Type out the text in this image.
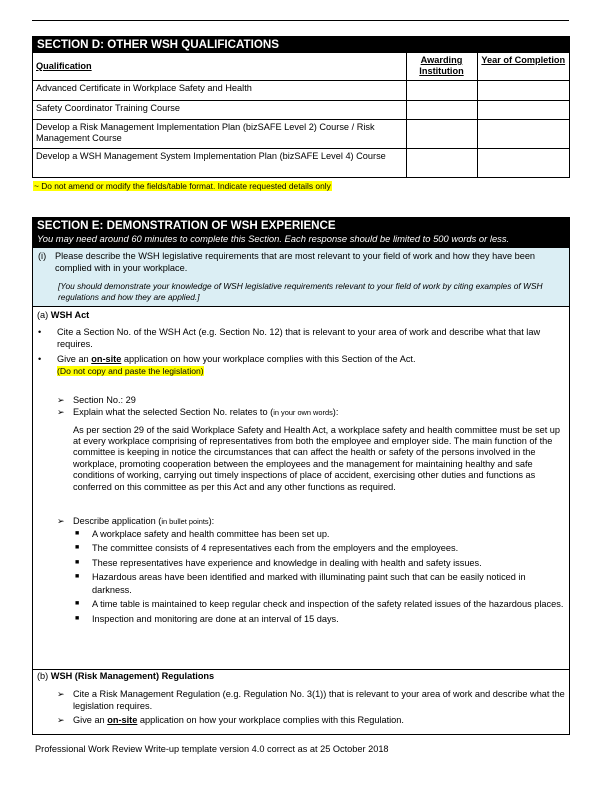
SECTION D: OTHER WSH QUALIFICATIONS
Qualification	Awarding Institution	Year of Completion
Advanced Certificate in Workplace Safety and Health		
Safety Coordinator Training Course		
Develop a Risk Management Implementation Plan (bizSAFE Level 2) Course / Risk Management Course		
Develop a WSH Management System Implementation Plan (bizSAFE Level 4) Course		
~ Do not amend or modify the fields/table format. Indicate requested details only
SECTION E: DEMONSTRATION OF WSH EXPERIENCE
You may need around 60 minutes to complete this Section. Each response should be limited to 500 words or less.
(i) Please describe the WSH legislative requirements that are most relevant to your field of work and how they have been complied with in your workplace.
[You should demonstrate your knowledge of WSH legislative requirements relevant to your field of work by citing examples of WSH regulations and how they are applied.]
(a) WSH Act
•	Cite a Section No. of the WSH Act (e.g. Section No. 12) that is relevant to your area of work and describe what that law requires.
•	Give an on-site application on how your workplace complies with this Section of the Act.
(Do not copy and paste the legislation)
➢ Section No.: 29
➢ Explain what the selected Section No. relates to (in your own words):
As per section 29 of the said Workplace Safety and Health Act, a workplace safety and health committee must be set up at every workplace comprising of representatives from both the employee and employer side. The main function of the committee is keeping in notice the circumstances that can affect the health or safety of the persons involved in the workplace, promoting cooperation between the employees and the management for maintaining healthy and safe conditions of working, carrying out timely inspections of place of accident, exercising other duties and functions as conferred on this committee as per this Act and any other functions as required.
➢ Describe application (in bullet points):
■	A workplace safety and health committee has been set up.
■	The committee consists of 4 representatives each from the employers and the employees.
■	These representatives have experience and knowledge in dealing with health and safety issues.
■	Hazardous areas have been identified and marked with illuminating paint such that can be easily noticed in darkness.
■	A time table is maintained to keep regular check and inspection of the safety related issues of the hazardous places.
■	Inspection and monitoring are done at an interval of 15 days.
(b) WSH (Risk Management) Regulations
➢ Cite a Risk Management Regulation (e.g. Regulation No. 3(1)) that is relevant to your area of work and describe what the legislation requires.
➢ Give an on-site application on how your workplace complies with this Regulation.
Professional Work Review Write-up template version 4.0 correct as at 25 October 2018
